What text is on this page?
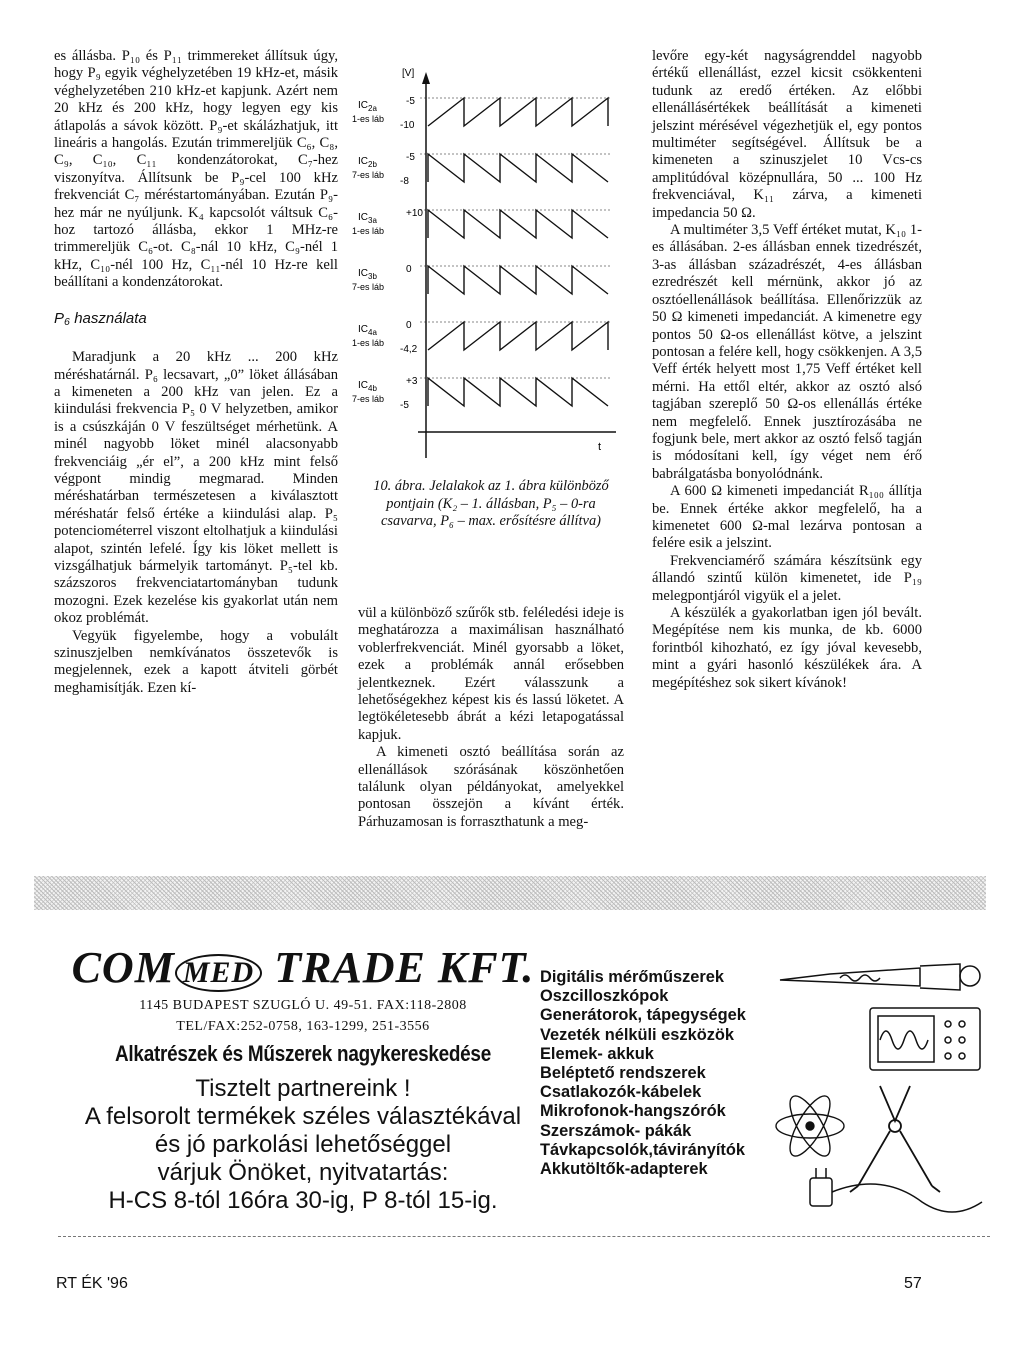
es állásba. P₁₀ és P₁₁ trimmereket állítsuk úgy, hogy P₉ egyik véghelyzetében 19 kHz-et, másik véghelyzetében 210 kHz-et kapjunk. Azért nem 20 kHz és 200 kHz, hogy legyen egy kis átlapolás a sávok között. P₉-et skálázhatjuk, itt lineáris a hangolás. Ezután trimmereljük C₆, C₈, C₉, C₁₀, C₁₁ kondenzátorokat, C₇-hez viszonyítva. Állítsunk be P₉-cel 100 kHz frekvenciát C₇ méréstartományában. Ezután P₉-hez már ne nyúljunk. K₄ kapcsolót váltsuk C₆-hoz tartozó állásba, ekkor 1 MHz-re trimmereljük C₆-ot. C₈-nál 10 kHz, C₉-nél 1 kHz, C₁₀-nél 100 Hz, C₁₁-nél 10 Hz-re kell beállítani a kondenzátorokat.

P₆ használata

Maradjunk a 20 kHz ... 200 kHz méréshatárnál. P₆ lecsavart, „0” löket állásában a kimeneten a 200 kHz van jelen. Ez a kiindulási frekvencia P₅ 0 V helyzetben, amikor is a csúszkáján 0 V feszültséget mérhetünk. A minél nagyobb löket minél alacsonyabb frekvenciáig „ér el”, a 200 kHz mint felső végpont mindig megmarad. Minden méréshatárban természetesen a kiválasztott méréshatár felső értéke a kiindulási alap. P₅ potenciométerrel viszont eltolhatjuk a kiindulási alapot, szintén lefelé. Így kis löket mellett is vizsgálhatjuk bármelyik tartományt. P₅-tel kb. százszoros frekvenciatartományban tudunk mozogni. Ezek kezelése kis gyakorlat után nem okoz problémát.

Vegyük figyelembe, hogy a vobulált szinuszjelben nemkívánatos összetevők is megjelennek, ezek a kapott átviteli görbét meghamisítják. Ezen kí-

[V]
t
$IC_{2a}$
1-es láb
-5
-10
$IC_{2b}$
7-es láb
-5
-8
$IC_{3a}$
1-es láb
+10
$IC_{3b}$
7-es láb
0
$IC_{4a}$
1-es láb
0
-4,2
$IC_{4b}$
7-es láb
+3
-5
10. ábra. Jelalakok az 1. ábra különböző pontjain (K₂ – 1. állásban, P₅ – 0-ra csavarva, P₆ – max. erősítésre állítva)

vül a különböző szűrők stb. feléledési ideje is meghatározza a maximálisan használható voblerfrekvenciát. Minél gyorsabb a löket, ezek a problémák annál erősebben jelentkeznek. Ezért válasszunk a lehetőségekhez képest kis és lassú löketet. A legtökéletesebb ábrát a kézi letapogatással kapjuk.

A kimeneti osztó beállítása során az ellenállások szórásának köszönhetően találunk olyan példányokat, amelyekkel pontosan összejön a kívánt érték. Párhuzamosan is forraszthatunk a meg-

levőre egy-két nagyságrenddel nagyobb értékű ellenállást, ezzel kicsit csökkenteni tudunk az eredő értéken. Az előbbi ellenállásértékek beállítását a kimeneti jelszint mérésével végezhetjük el, egy pontos multiméter segítségével. Állítsuk be a kimeneten a szinuszjelet 10 Vcs-cs amplitúdóval középnullára, 50 ... 100 Hz frekvenciával, K₁₁ zárva, a kimeneti impedancia 50 Ω.

A multiméter 3,5 Veff értéket mutat, K₁₀ 1-es állásában. 2-es állásban ennek tizedrészét, 3-as állásban századrészét, 4-es állásban ezredrészét kell mérnünk, akkor jó az osztóellenállások beállítása. Ellenőrizzük az 50 Ω kimeneti impedanciát. A kimenetre egy pontos 50 Ω-os ellenállást kötve, a jelszint pontosan a felére kell, hogy csökkenjen. A 3,5 Veff érték helyett most 1,75 Veff értéket kell mérni. Ha ettől eltér, akkor az osztó alsó tagjában szereplő 50 Ω-os ellenállás értéke nem megfelelő. Ennek jusztírozásába ne fogjunk bele, mert akkor az osztó felső tagján is módosítani kell, így véget nem érő babrálgatásba bonyolódnánk.

A 600 Ω kimeneti impedanciát R₁₀₀ állítja be. Ennek értéke akkor megfelelő, ha a kimenetet 600 Ω-mal lezárva pontosan a felére esik a jelszint.

Frekvenciamérő számára készítsünk egy állandó szintű külön kimenetet, ide P₁₉ melegpontjáról vigyük el a jelet.

A készülék a gyakorlatban igen jól bevált. Megépítése nem kis munka, de kb. 6000 forintból kihozható, ez így jóval kevesebb, mint a gyári hasonló készülékek ára. A megépítéshez sok sikert kívánok!

COM MED TRADE KFT.
1145 BUDAPEST SZUGLÓ U. 49-51. FAX:118-2808
TEL/FAX:252-0758, 163-1299, 251-3556
Alkatrészek és Műszerek nagykereskedése
Tisztelt partnereink !
A felsorolt termékek széles választékával
és jó parkolási lehetőséggel
várjuk Önöket, nyitvatartás:
H-CS 8-tól 16óra 30-ig, P 8-tól 15-ig.
Digitális mérőműszerek
Oszcilloszkópok
Generátorok, tápegységek
Vezeték nélküli eszközök
Elemek- akkuk
Beléptető rendszerek
Csatlakozók-kábelek
Mikrofonok-hangszórók
Szerszámok- pákák
Távkapcsolók,távirányítók
Akkutöltők-adapterek
RT ÉK '96	57
